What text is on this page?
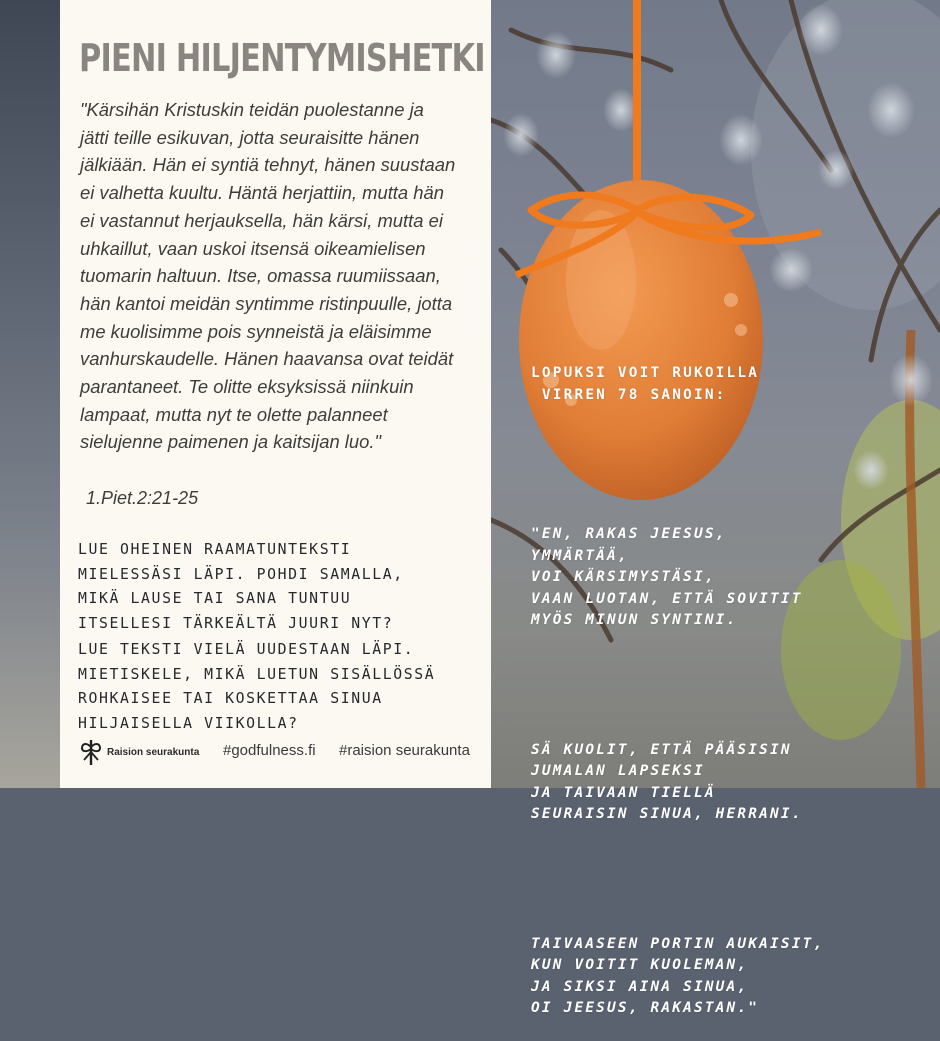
PIENI HILJENTYMISHETKI

"Kärsihän Kristuskin teidän puolestanne ja
jätti teille esikuvan, jotta seuraisitte hänen
jälkiään. Hän ei syntiä tehnyt, hänen suustaan
ei valhetta kuultu. Häntä herjattiin, mutta hän
ei vastannut herjauksella, hän kärsi, mutta ei
uhkaillut, vaan uskoi itsensä oikeamielisen
tuomarin haltuun. Itse, omassa ruumiissaan,
hän kantoi meidän syntimme ristinpuulle, jotta
me kuolisimme pois synneistä ja eläisimme
vanhurskaudelle. Hänen haavansa ovat teidät
parantaneet. Te olitte eksyksissä niinkuin
lampaat, mutta nyt te olette palanneet
sielujenne paimenen ja kaitsijan luo."

1.Piet.2:21-25

LUE OHEINEN RAAMATUNTEKSTI
MIELESSÄSI LÄPI. POHDI SAMALLA,
MIKÄ LAUSE TAI SANA TUNTUU
ITSELLESI TÄRKEÄLTÄ JUURI NYT?

LUE TEKSTI VIELÄ UUDESTAAN LÄPI.
MIETISKELE, MIKÄ LUETUN SISÄLLÖSSÄ
ROHKAISEE TAI KOSKETTAA SINUA
HILJAISELLA VIIKOLLA?

Raision seurakunta #godfulness.fi #raision seurakunta

LOPUKSI VOIT RUKOILLA
VIRREN 78 SANOIN:

"EN, RAKAS JEESUS,
YMMÄRTÄÄ,
VOI KÄRSIMYSTÄSI,
VAAN LUOTAN, ETTÄ SOVITIT
MYÖS MINUN SYNTINI.

SÄ KUOLIT, ETTÄ PÄÄSISIN
JUMALAN LAPSEKSI
JA TAIVAAN TIELLÄ
SEURAISIN SINUA, HERRANI.

TAIVAASEEN PORTIN AUKAISIT,
KUN VOITIT KUOLEMAN,
JA SIKSI AINA SINUA,
OI JEESUS, RAKASTAN."
